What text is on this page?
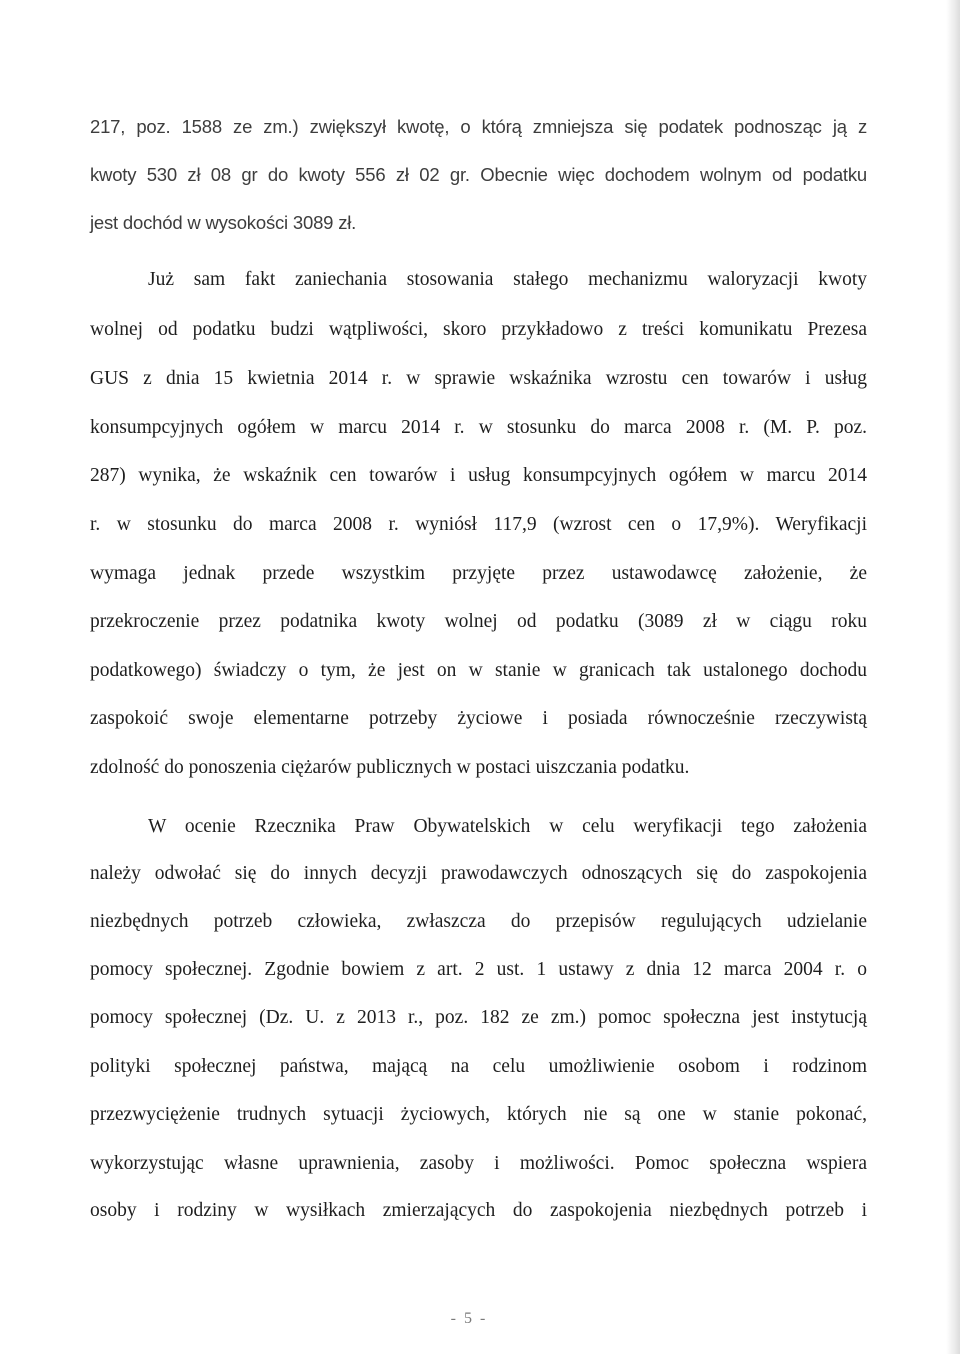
217, poz. 1588 ze zm.) zwiększył kwotę, o którą zmniejsza się podatek podnosząc ją z
kwoty 530 zł 08 gr do kwoty 556 zł 02 gr. Obecnie więc dochodem wolnym od podatku
jest dochód w wysokości 3089 zł.
Już sam fakt zaniechania stosowania stałego mechanizmu waloryzacji kwoty
wolnej od podatku budzi wątpliwości, skoro przykładowo z treści komunikatu Prezesa
GUS z dnia 15 kwietnia 2014 r. w sprawie wskaźnika wzrostu cen towarów i usług
konsumpcyjnych ogółem w marcu 2014 r. w stosunku do marca 2008 r. (M. P. poz.
287) wynika, że wskaźnik cen towarów i usług konsumpcyjnych ogółem w marcu 2014
r. w stosunku do marca 2008 r. wyniósł 117,9 (wzrost cen o 17,9%). Weryfikacji
wymaga jednak przede wszystkim przyjęte przez ustawodawcę założenie, że
przekroczenie przez podatnika kwoty wolnej od podatku (3089 zł w ciągu roku
podatkowego) świadczy o tym, że jest on w stanie w granicach tak ustalonego dochodu
zaspokoić swoje elementarne potrzeby życiowe i posiada równocześnie rzeczywistą
zdolność do ponoszenia ciężarów publicznych w postaci uiszczania podatku.
W ocenie Rzecznika Praw Obywatelskich w celu weryfikacji tego założenia
należy odwołać się do innych decyzji prawodawczych odnoszących się do zaspokojenia
niezbędnych potrzeb człowieka, zwłaszcza do przepisów regulujących udzielanie
pomocy społecznej. Zgodnie bowiem z art. 2 ust. 1 ustawy z dnia 12 marca 2004 r. o
pomocy społecznej (Dz. U. z 2013 r., poz. 182 ze zm.) pomoc społeczna jest instytucją
polityki społecznej państwa, mającą na celu umożliwienie osobom i rodzinom
przezwyciężenie trudnych sytuacji życiowych, których nie są one w stanie pokonać,
wykorzystując własne uprawnienia, zasoby i możliwości. Pomoc społeczna wspiera
osoby i rodziny w wysiłkach zmierzających do zaspokojenia niezbędnych potrzeb i
- 5 -
